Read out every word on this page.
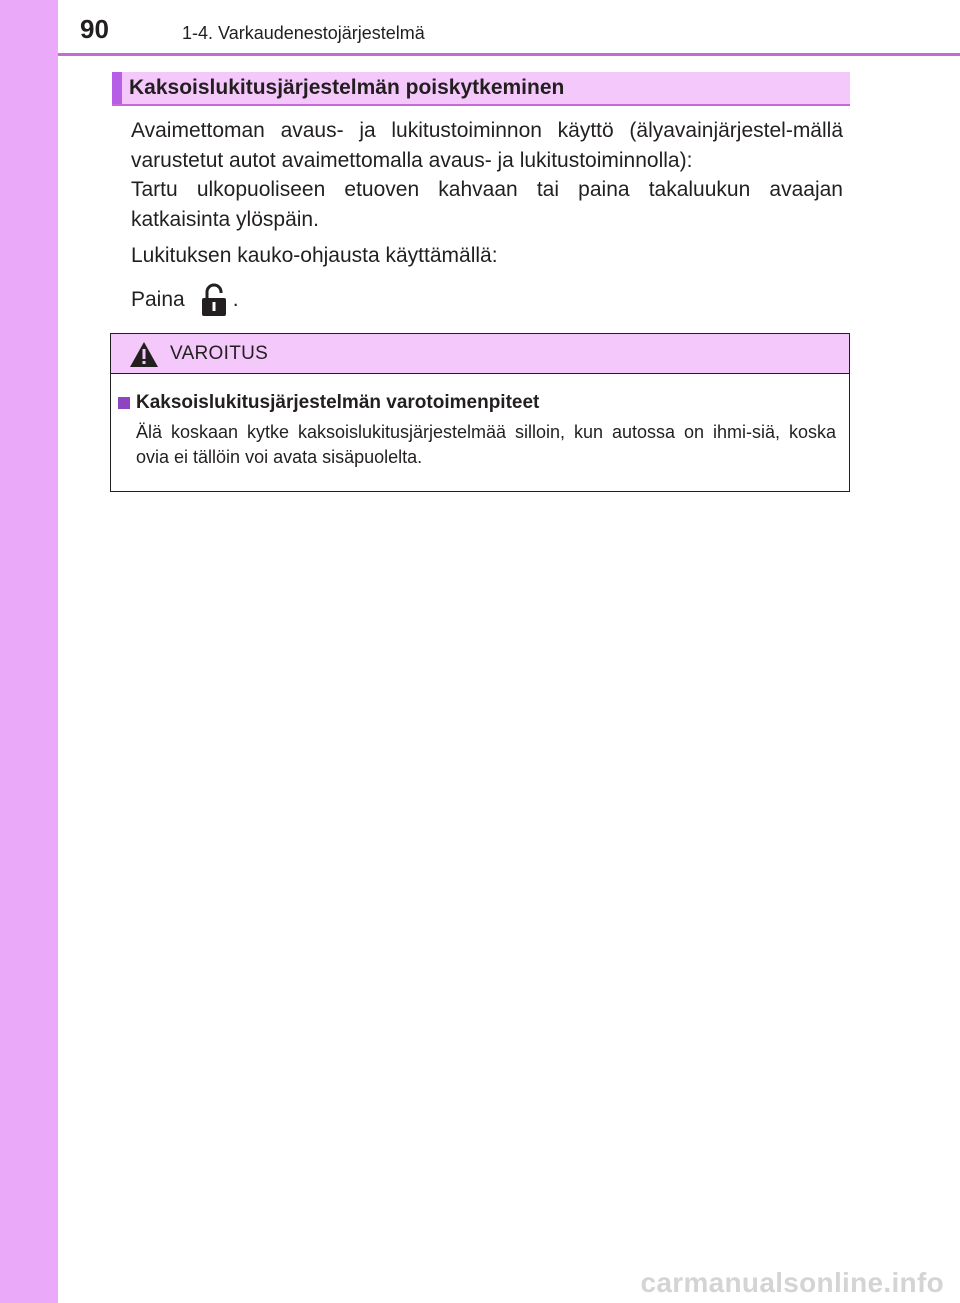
90	1-4. Varkaudenestojärjestelmä
Kaksoislukitusjärjestelmän poiskytkeminen

Avaimettoman avaus- ja lukitustoiminnon käyttö (älyavainjärjestel-mällä varustetut autot avaimettomalla avaus- ja lukitustoiminnolla):

Tartu ulkopuoliseen etuoven kahvaan tai paina takaluukun avaajan katkaisinta ylöspäin.

Lukituksen kauko-ohjausta käyttämällä:

Paina .
VAROITUS
Kaksoislukitusjärjestelmän varotoimenpiteet

Älä koskaan kytke kaksoislukitusjärjestelmää silloin, kun autossa on ihmi-siä, koska ovia ei tällöin voi avata sisäpuolelta.

carmanualsonline.info
